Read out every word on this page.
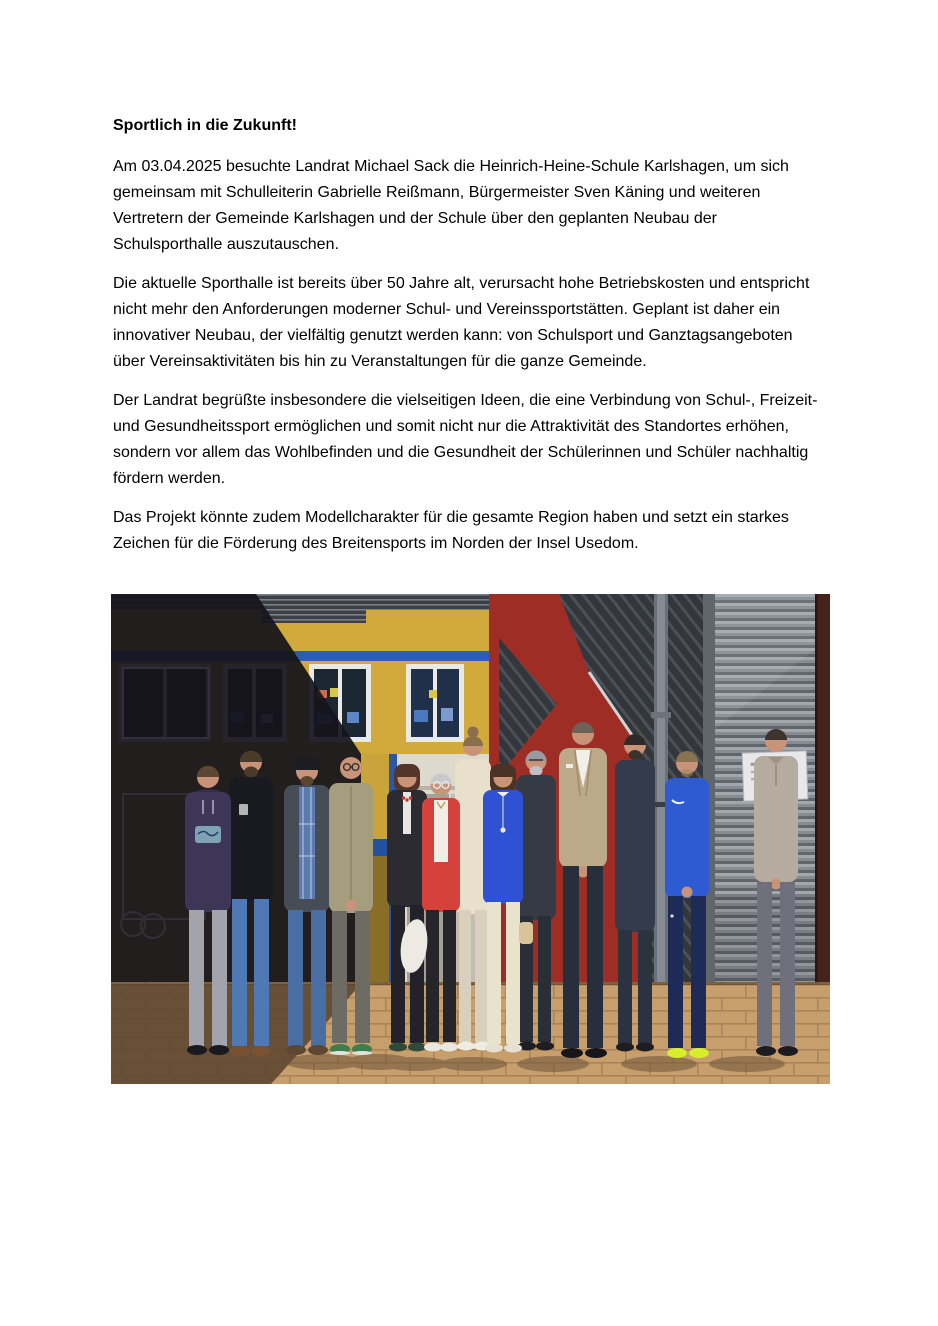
Sportlich in die Zukunft!

Am 03.04.2025 besuchte Landrat Michael Sack die Heinrich-Heine-Schule Karlshagen, um sich gemeinsam mit Schulleiterin Gabrielle Reißmann, Bürgermeister Sven Käning und weiteren Vertretern der Gemeinde Karlshagen und der Schule über den geplanten Neubau der Schulsporthalle auszutauschen.

Die aktuelle Sporthalle ist bereits über 50 Jahre alt, verursacht hohe Betriebskosten und entspricht nicht mehr den Anforderungen moderner Schul- und Vereinssportstätten. Geplant ist daher ein innovativer Neubau, der vielfältig genutzt werden kann: von Schulsport und Ganztagsangeboten über Vereinsaktivitäten bis hin zu Veranstaltungen für die ganze Gemeinde.

Der Landrat begrüßte insbesondere die vielseitigen Ideen, die eine Verbindung von Schul-, Freizeit- und Gesundheitssport ermöglichen und somit nicht nur die Attraktivität des Standortes erhöhen, sondern vor allem das Wohlbefinden und die Gesundheit der Schülerinnen und Schüler nachhaltig fördern werden.

Das Projekt könnte zudem Modellcharakter für die gesamte Region haben und setzt ein starkes Zeichen für die Förderung des Breitensports im Norden der Insel Usedom.
